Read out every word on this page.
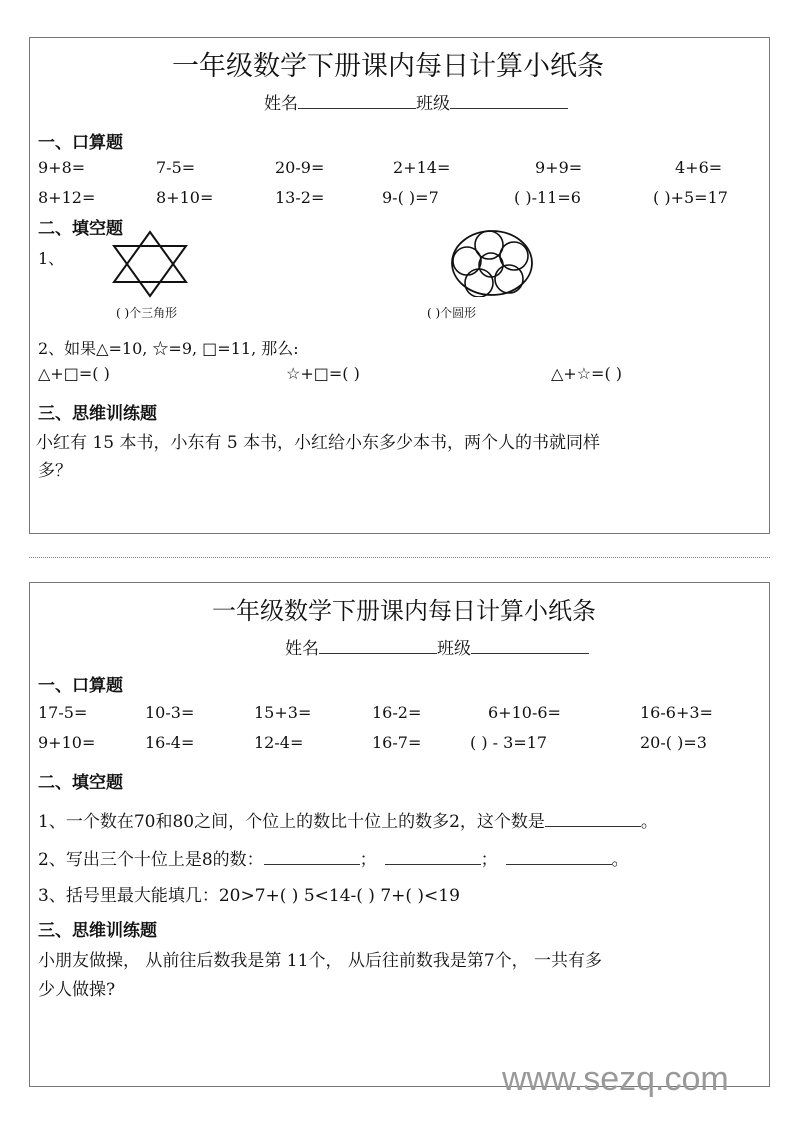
一年级数学下册课内每日计算小纸条
姓名	班级
一、口算题
9+8=	7-5=	20-9=	2+14=	9+9=	4+6=
8+12=	8+10=	13-2=	9-( )=7	( )-11=6	( )+5=17
二、填空题
1、
( )个三角形	( )个圆形
2、如果△=10, ☆=9, □=11, 那么:
△+□=( )	☆+□=( )	△+☆=( )
三、思维训练题
小红有 15 本书，小东有 5 本书，小红给小东多少本书，两个人的书就同样
多？
一年级数学下册课内每日计算小纸条
姓名	班级
一、口算题
17-5=	10-3=	15+3=	16-2=	6+10-6=	16-6+3=
9+10=	16-4=	12-4=	16-7=	( ) - 3=17	20-( )=3
二、填空题
1、一个数在70和80之间，个位上的数比十位上的数多2，这个数是	。
2、写出三个十位上是8的数：	；	；	。
3、括号里最大能填几：20>7+( ) 5<14-( ) 7+( )<19
三、思维训练题
小朋友做操， 从前往后数我是第 11个， 从后往前数我是第7个， 一共有多
少人做操?
www.sezq.com
